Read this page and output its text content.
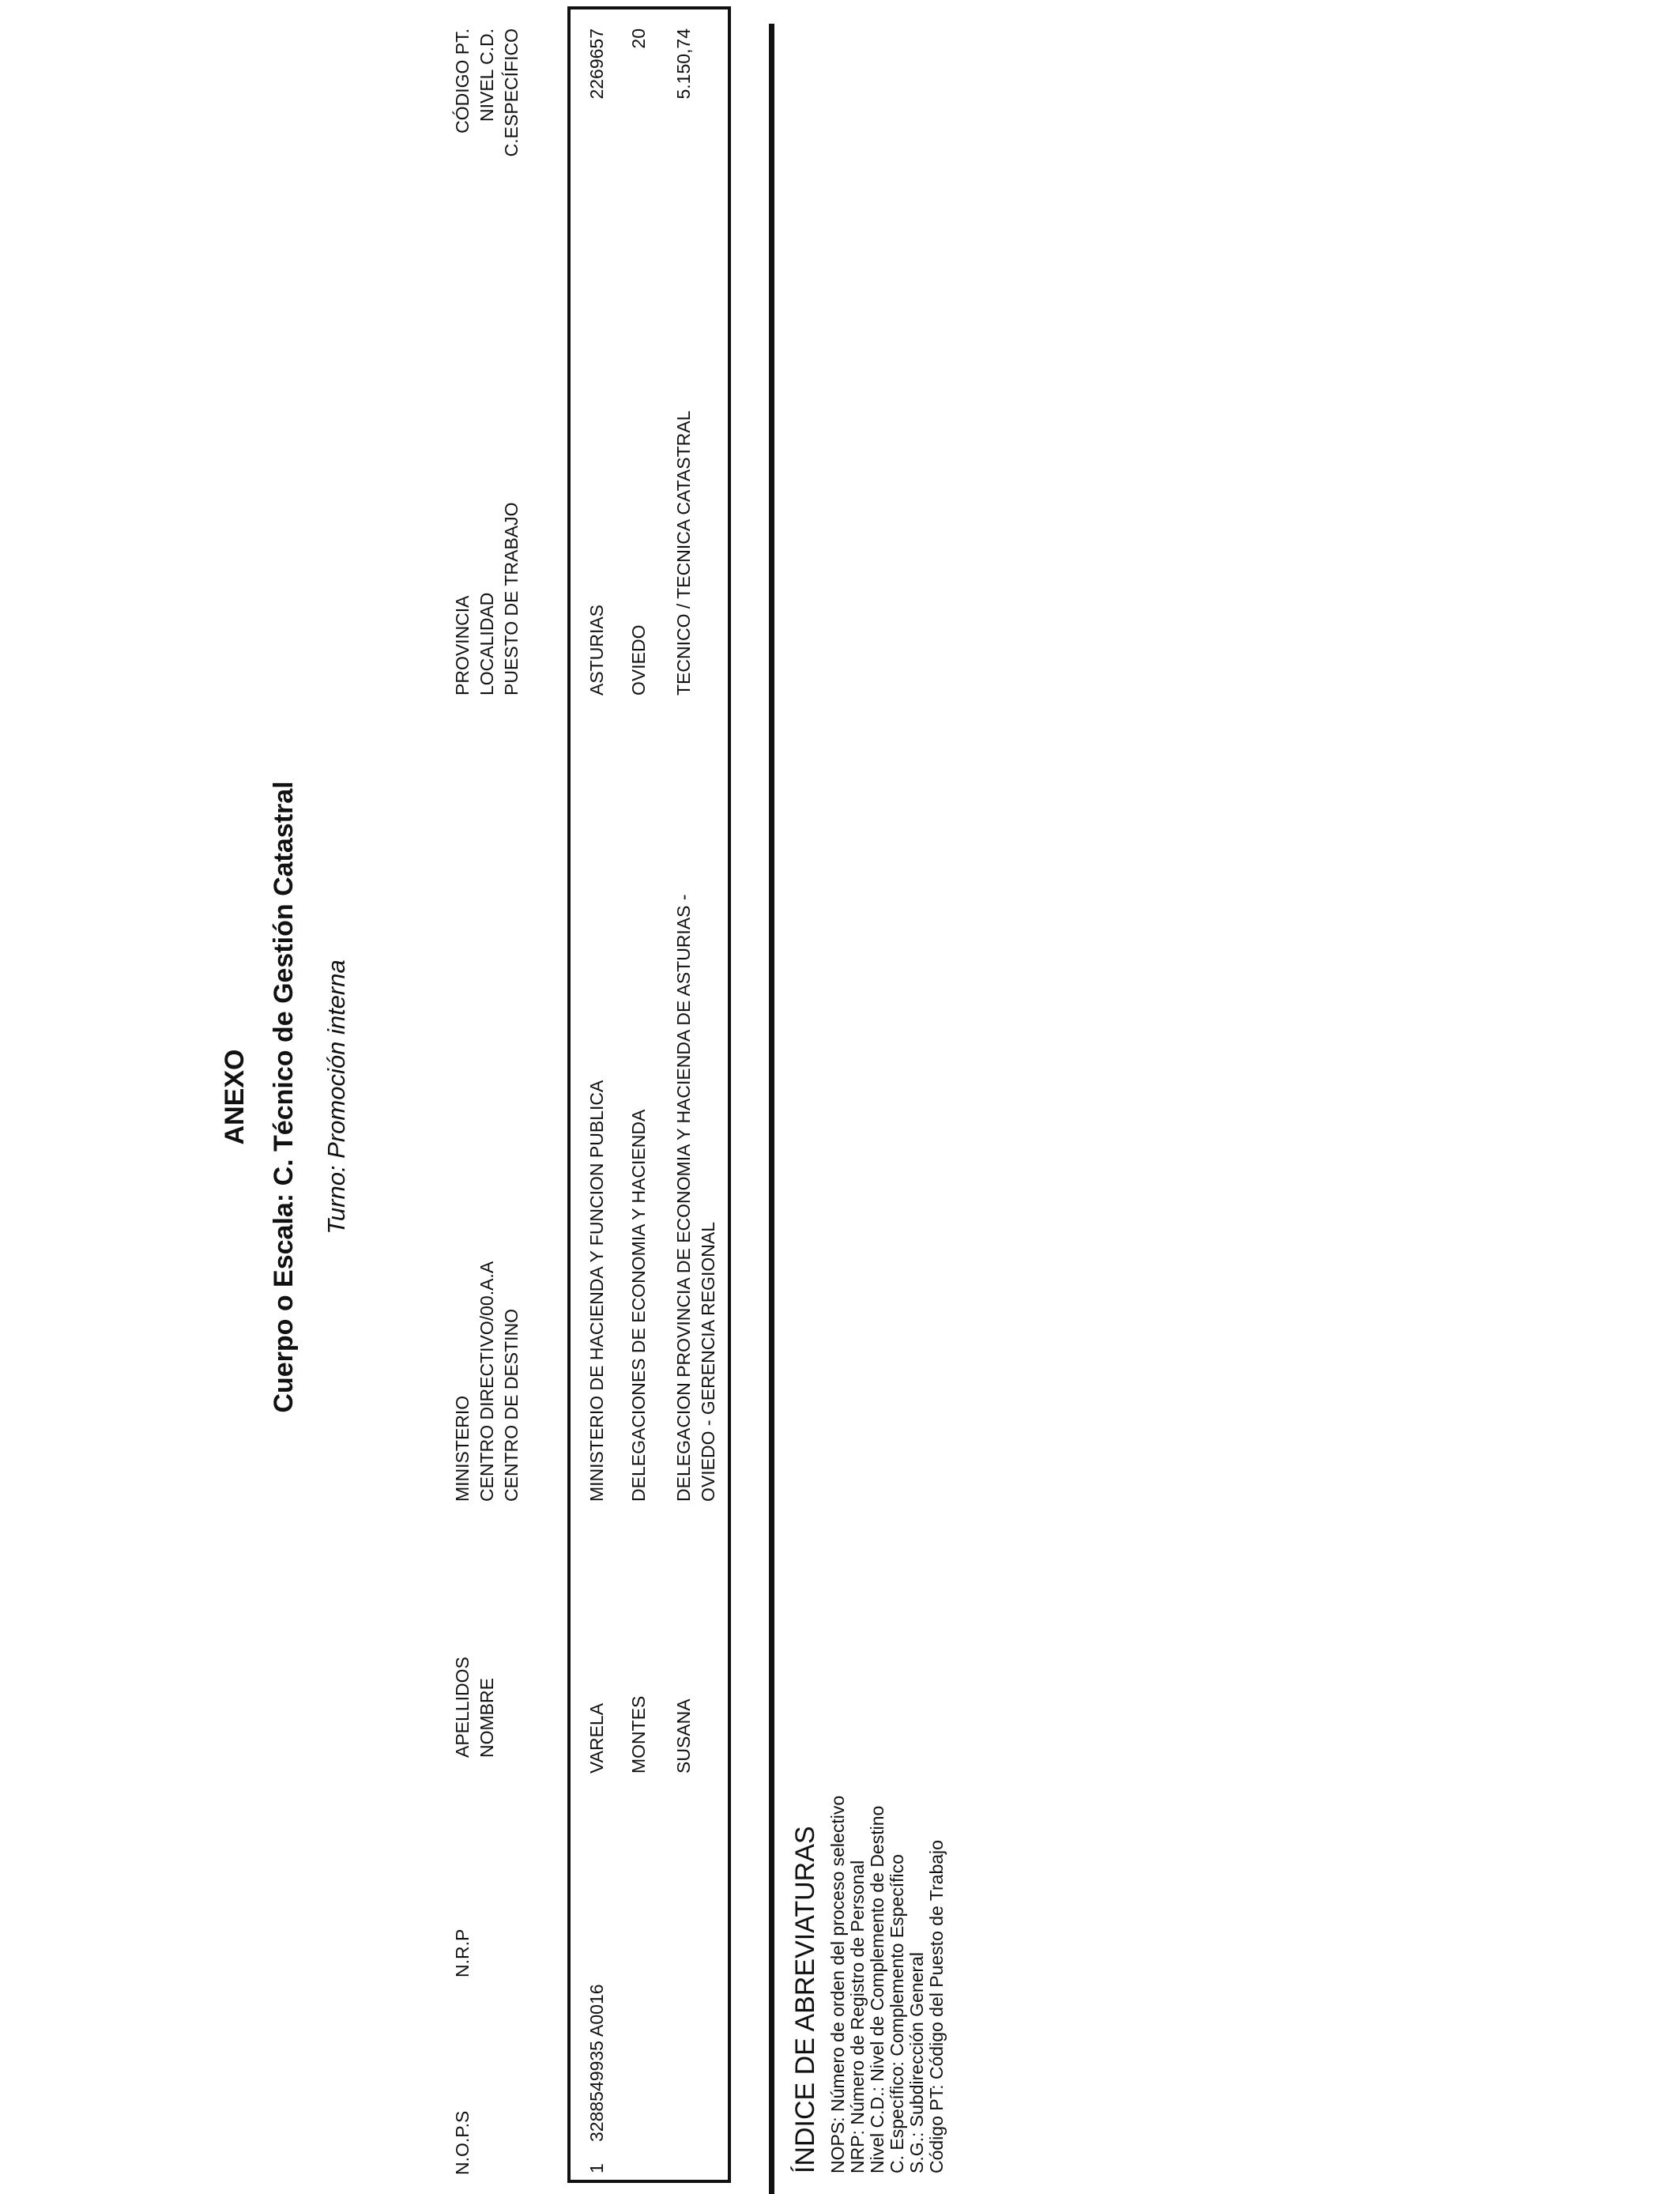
ANEXO Cuerpo o Escala: C. Técnico de Gestión Catastral Turno: Promoción interna
N.O.P.S
N.R.P
APELLIDOS NOMBRE
MINISTERIO CENTRO DIRECTIVO/00.A.A CENTRO DE DESTINO
PROVINCIA LOCALIDAD PUESTO DE TRABAJO
CÓDIGO PT. NIVEL C.D. C.ESPECÍFICO
1
3288549935 A0016
VARELA MONTES SUSANA
MINISTERIO DE HACIENDA Y FUNCION PUBLICA DELEGACIONES DE ECONOMIA Y HACIENDA DELEGACION PROVINCIA DE ECONOMIA Y HACIENDA DE ASTURIAS - OVIEDO - GERENCIA REGIONAL
ASTURIAS OVIEDO TECNICO / TECNICA CATASTRAL
2269657 20 5.150,74
ÍNDICE DE ABREVIATURAS NOPS: Número de orden del proceso selectivo NRP: Número de Registro de Personal Nivel C.D.: Nivel de Complemento de Destino C. Específico: Complemento Específico S.G.: Subdirección General Código PT: Código del Puesto de Trabajo
